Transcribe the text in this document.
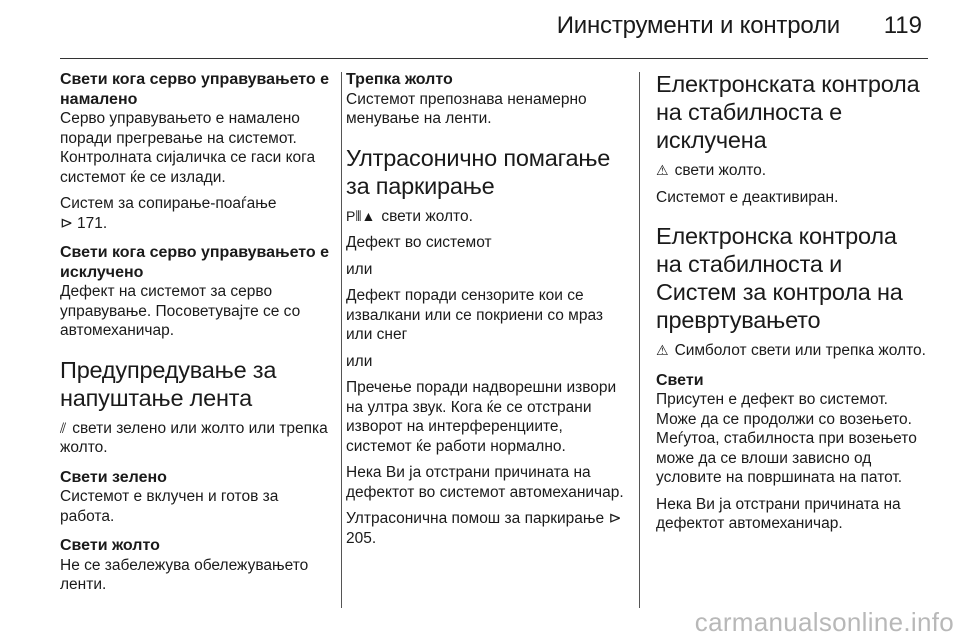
Иинструменти и контроли 119

Свети кога серво управувањето е намалено

Серво управувањето е намалено поради прегревање на системот. Контролната сијаличка се гаси кога системот ќе се излади.

Систем за сопирање-поаѓање
⊳ 171.

Свети кога серво управувањето е исклучено

Дефект на системот за серво управување. Посоветувајте се со автомеханичар.

Предупредување за напуштање лента

⫽ свети зелено или жолто или трепка жолто.

Свети зелено

Системот е вклучен и готов за работа.

Свети жолто

Не се забележува обележувањето ленти.

Трепка жолто

Системот препознава ненамерно менување на ленти.

Ултрасонично помагање за паркирање

P⦀▲ свети жолто.

Дефект во системот

или

Дефект поради сензорите кои се извалкани или се покриени со мраз или снег

или

Пречење поради надворешни извори на ултра звук. Кога ќе се отстрани изворот на интерференциите, системот ќе работи нормално.

Нека Ви ја отстрани причината на дефектот во системот автомеханичар.

Ултрасонична помош за паркирање ⊳205.

Електронската контрола на стабилноста е исклучена

⚠ свети жолто.

Системот е деактивиран.

Електронска контрола на стабилноста и Систем за контрола на превртувањето

⚠ Симболот свети или трепка жолто.

Свети

Присутен е дефект во системот. Може да се продолжи со возењето. Меѓутоа, стабилноста при возењето може да се влоши зависно од условите на површината на патот.

Нека Ви ја отстрани причината на дефектот автомеханичар.

carmanualsonline.info
